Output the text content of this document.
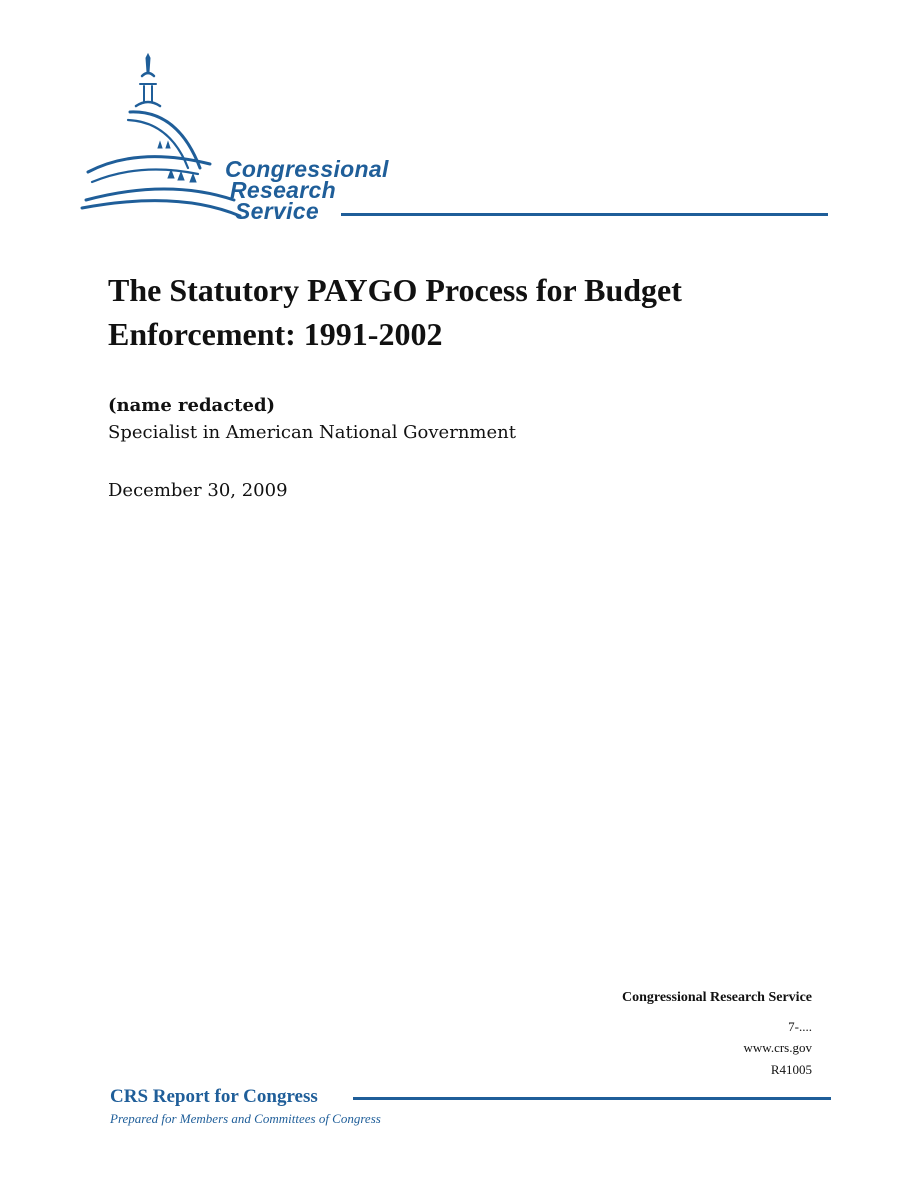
Congressional
Research
Service
The Statutory PAYGO Process for Budget Enforcement: 1991-2002
(name redacted)
Specialist in American National Government
December 30, 2009
Congressional Research Service
7-....
www.crs.gov
R41005
CRS Report for Congress
Prepared for Members and Committees of Congress
